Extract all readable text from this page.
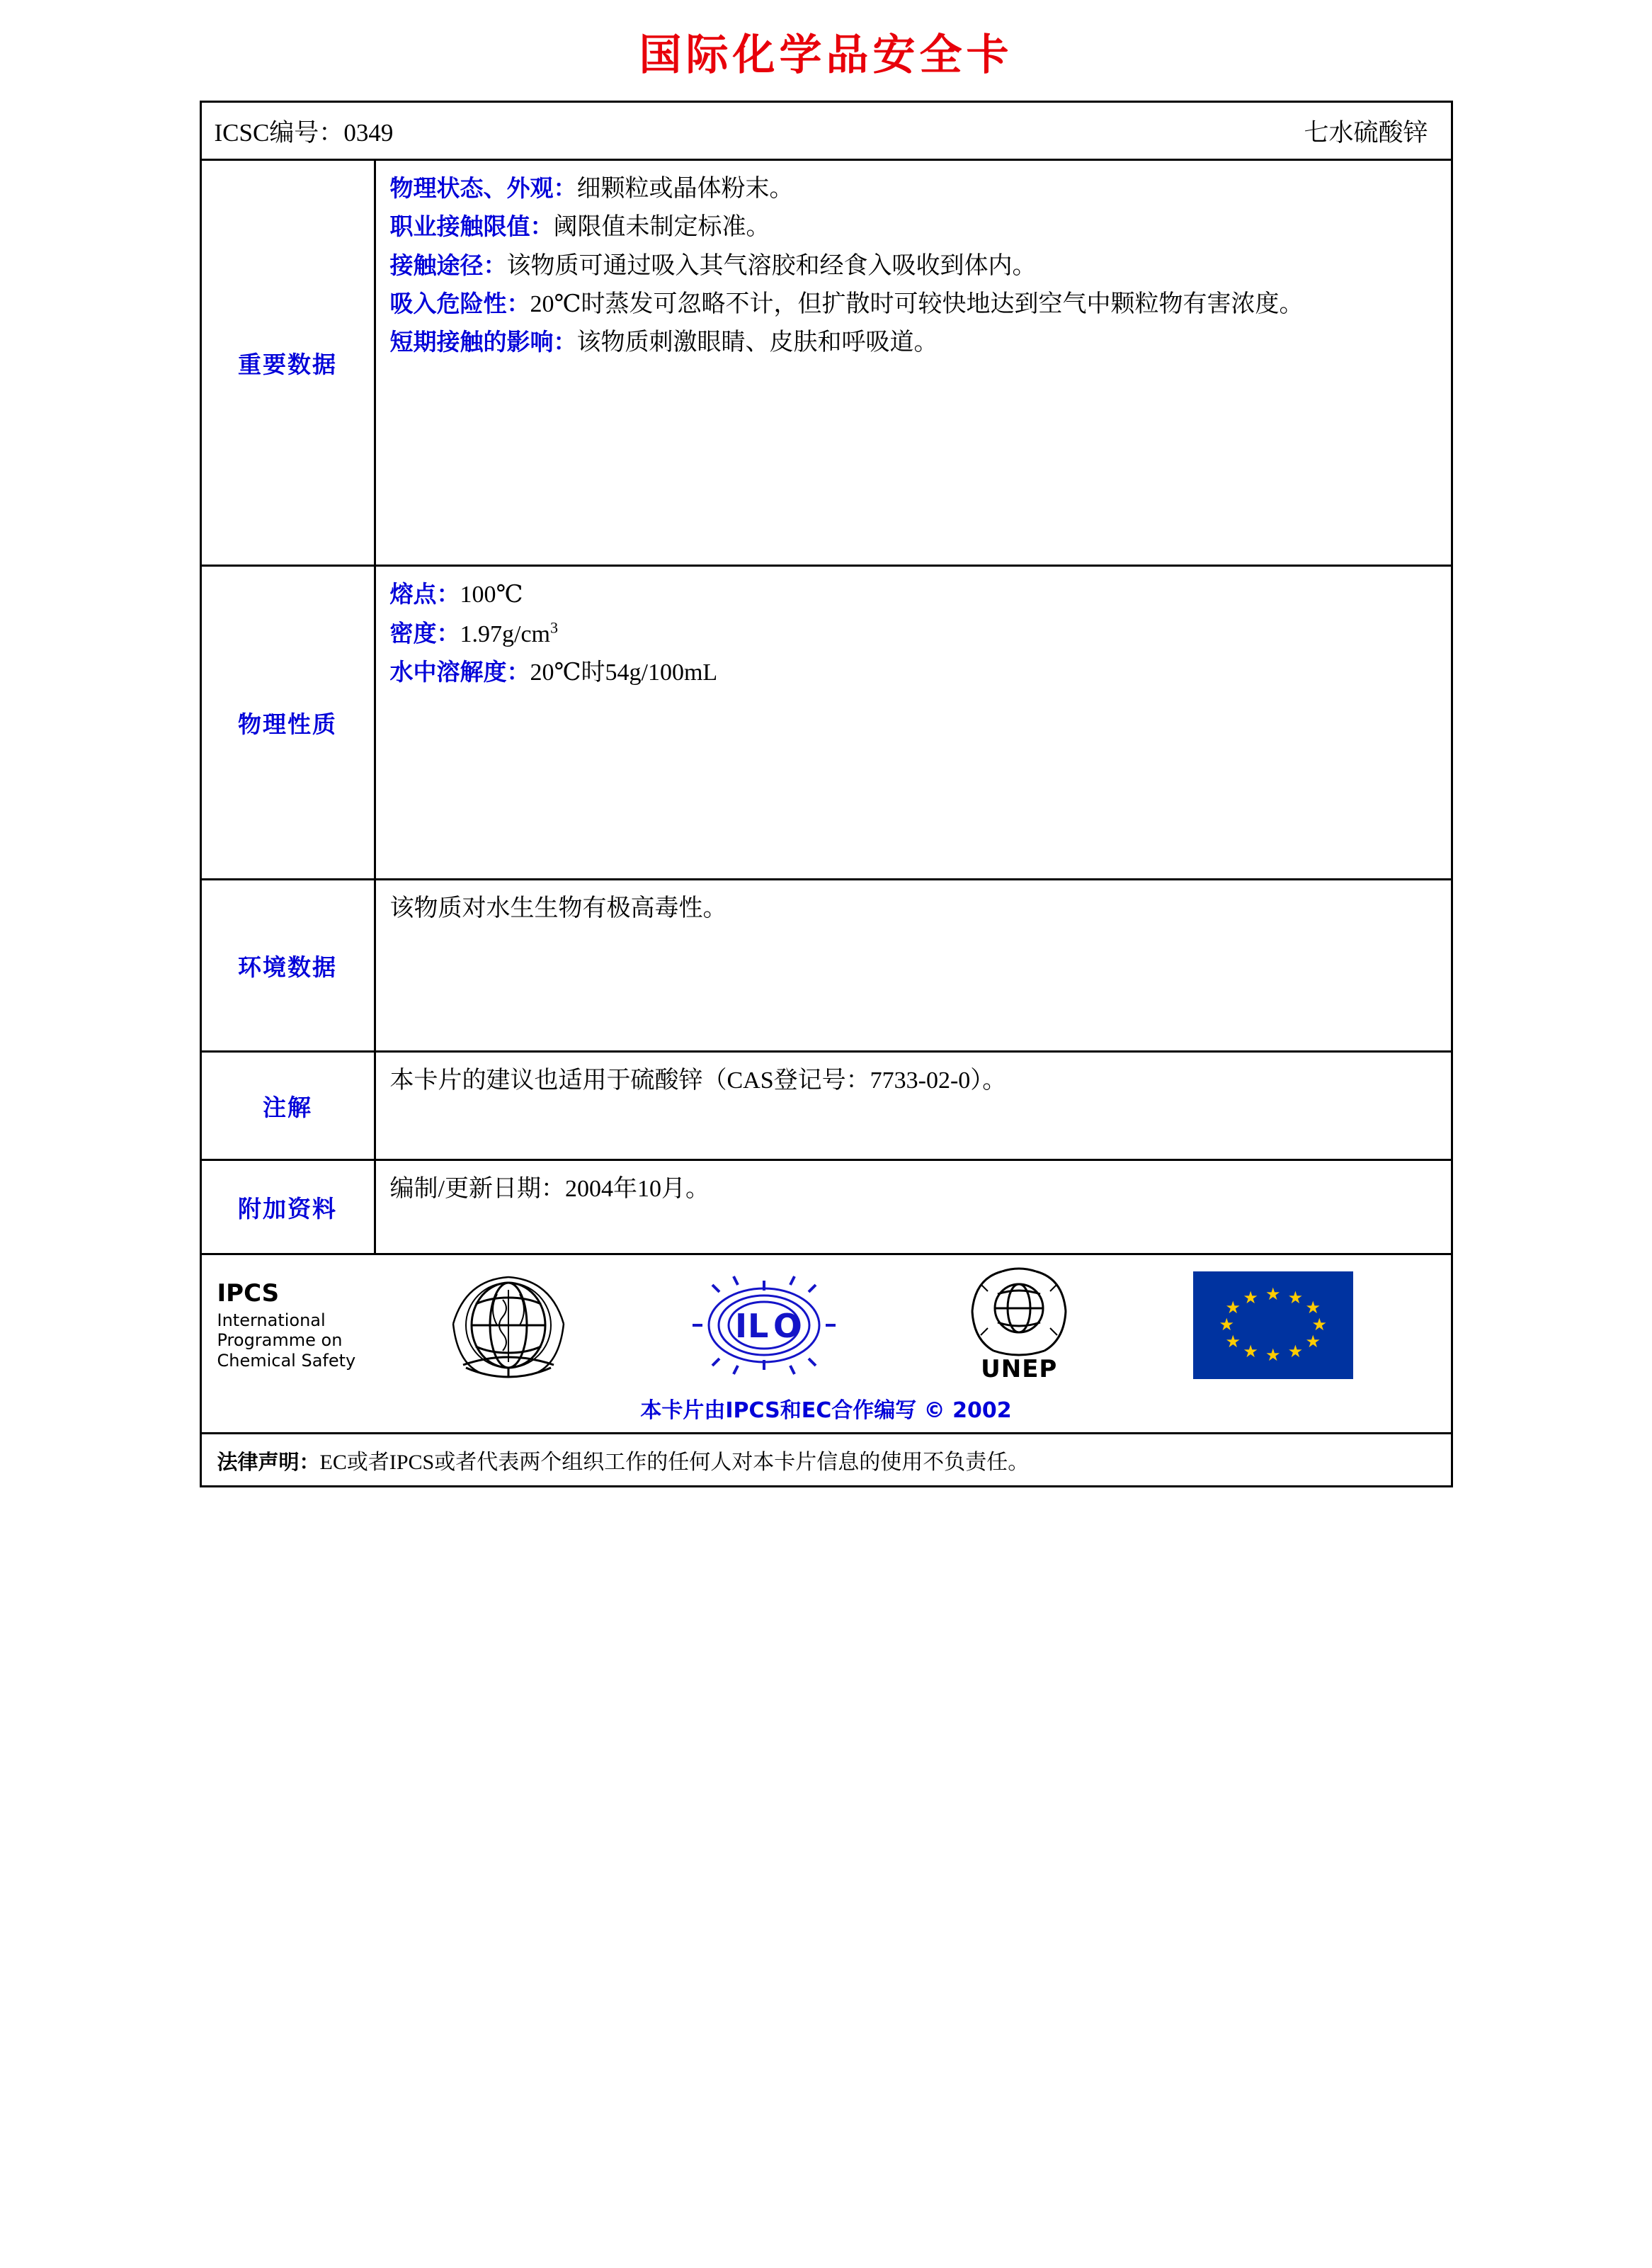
国际化学品安全卡
ICSC编号：0349	七水硫酸锌
重要数据
物理状态、外观：细颗粒或晶体粉末。
职业接触限值：阈限值未制定标准。
接触途径：该物质可通过吸入其气溶胶和经食入吸收到体内。
吸入危险性：20℃时蒸发可忽略不计，但扩散时可较快地达到空气中颗粒物有害浓度。
短期接触的影响：该物质刺激眼睛、皮肤和呼吸道。
物理性质
熔点：100℃
密度：$1.97g/cm^3$
水中溶解度：20℃时54g/100mL
环境数据
该物质对水生生物有极高毒性。
注解
本卡片的建议也适用于硫酸锌（CAS登记号：7733-02-0）。
附加资料
编制/更新日期：2004年10月。
IPCS
International
Programme on
Chemical Safety
I L O
UNEP
★ ★
★
★
★
★
★
★
★
★
★
★
本卡片由IPCS和EC合作编写 © 2002
法律声明：EC或者IPCS或者代表两个组织工作的任何人对本卡片信息的使用不负责任。
